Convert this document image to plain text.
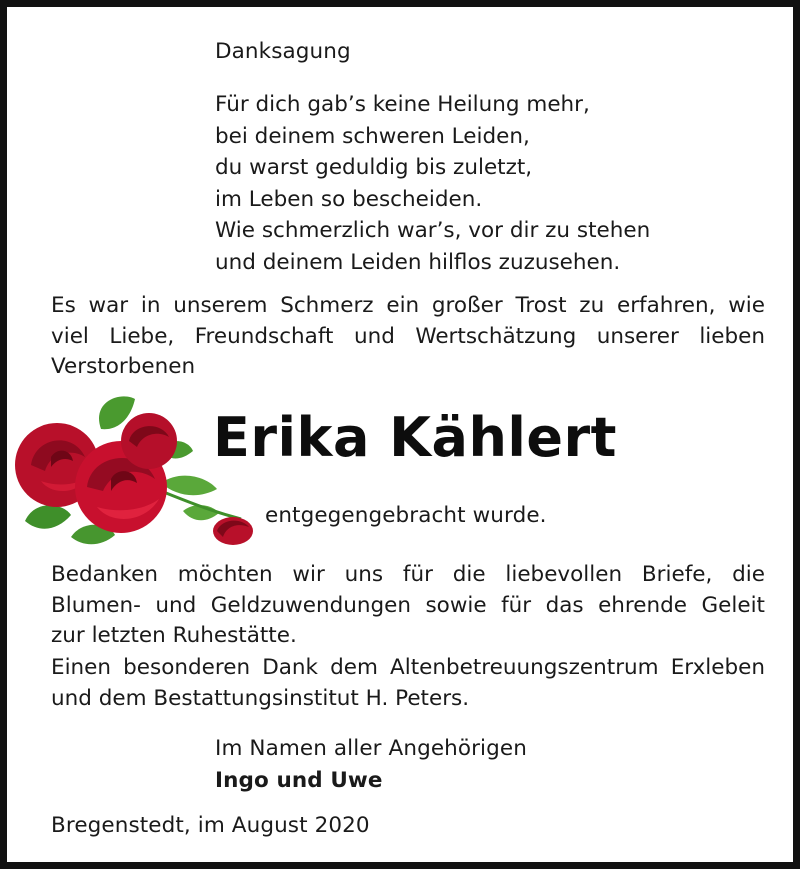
Danksagung
Für dich gab’s keine Heilung mehr,
bei deinem schweren Leiden,
du warst geduldig bis zuletzt,
im Leben so bescheiden.
Wie schmerzlich war’s, vor dir zu stehen
und deinem Leiden hilflos zuzusehen.
Es war in unserem Schmerz ein großer Trost zu erfahren, wie
viel Liebe, Freundschaft und Wertschätzung unserer lieben
Verstorbenen
Erika Kählert
entgegengebracht wurde.
Bedanken möchten wir uns für die liebevollen Briefe, die
Blumen- und Geldzuwendungen sowie für das ehrende Geleit
zur letzten Ruhestätte.
Einen besonderen Dank dem Altenbetreuungszentrum Erxleben
und dem Bestattungsinstitut H. Peters.
Im Namen aller Angehörigen
Ingo und Uwe
Bregenstedt, im August 2020
